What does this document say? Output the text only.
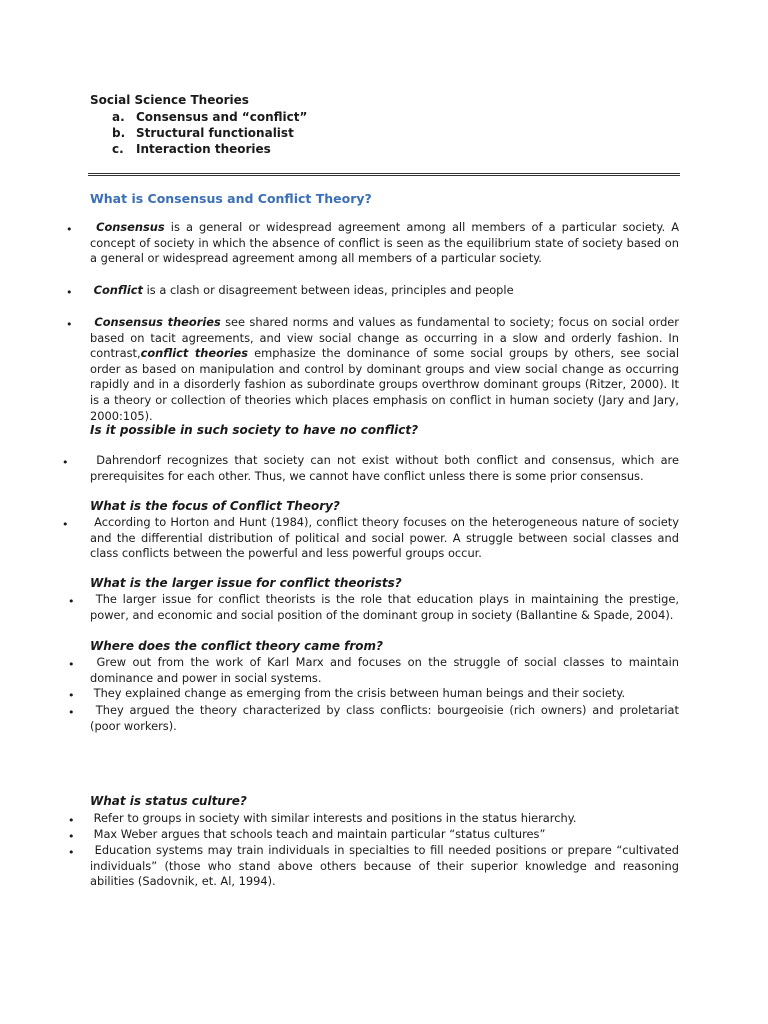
Social Science Theories
a. Consensus and “conflict”
b. Structural functionalist
c.	Interaction theories
What is Consensus and Conflict Theory?
•	Consensus is a general or widespread agreement among all members of a particular society. A concept of society in which the absence of conflict is seen as the equilibrium state of society based on a general or widespread agreement among all members of a particular society.
•	Conflict is a clash or disagreement between ideas, principles and people
•	Consensus theories see shared norms and values as fundamental to society; focus on social order based on tacit agreements, and view social change as occurring in a slow and orderly fashion. In contrast,conflict theories emphasize the dominance of some social groups by others, see social order as based on manipulation and control by dominant groups and view social change as occurring rapidly and in a disorderly fashion as subordinate groups overthrow dominant groups (Ritzer, 2000). It is a theory or collection of theories which places emphasis on conflict in human society (Jary and Jary, 2000:105).
Is it possible in such society to have no conflict?
•	Dahrendorf recognizes that society can not exist without both conflict and consensus, which are prerequisites for each other. Thus, we cannot have conflict unless there is some prior consensus.
What is the focus of Conflict Theory?
•	According to Horton and Hunt (1984), conflict theory focuses on the heterogeneous nature of society and the differential distribution of political and social power. A struggle between social classes and class conflicts between the powerful and less powerful groups occur.
What is the larger issue for conflict theorists?
•	The larger issue for conflict theorists is the role that education plays in maintaining the prestige, power, and economic and social position of the dominant group in society (Ballantine & Spade, 2004).
Where does the conflict theory came from?
•	Grew out from the work of Karl Marx and focuses on the struggle of social classes to maintain dominance and power in social systems.
•	They explained change as emerging from the crisis between human beings and their society.
•	They argued the theory characterized by class conflicts: bourgeoisie (rich owners) and proletariat (poor workers).
What is status culture?
•	Refer to groups in society with similar interests and positions in the status hierarchy.
•	Max Weber argues that schools teach and maintain particular “status cultures”
•	Education systems may train individuals in specialties to fill needed positions or prepare “cultivated individuals” (those who stand above others because of their superior knowledge and reasoning abilities (Sadovnik, et. Al, 1994).
